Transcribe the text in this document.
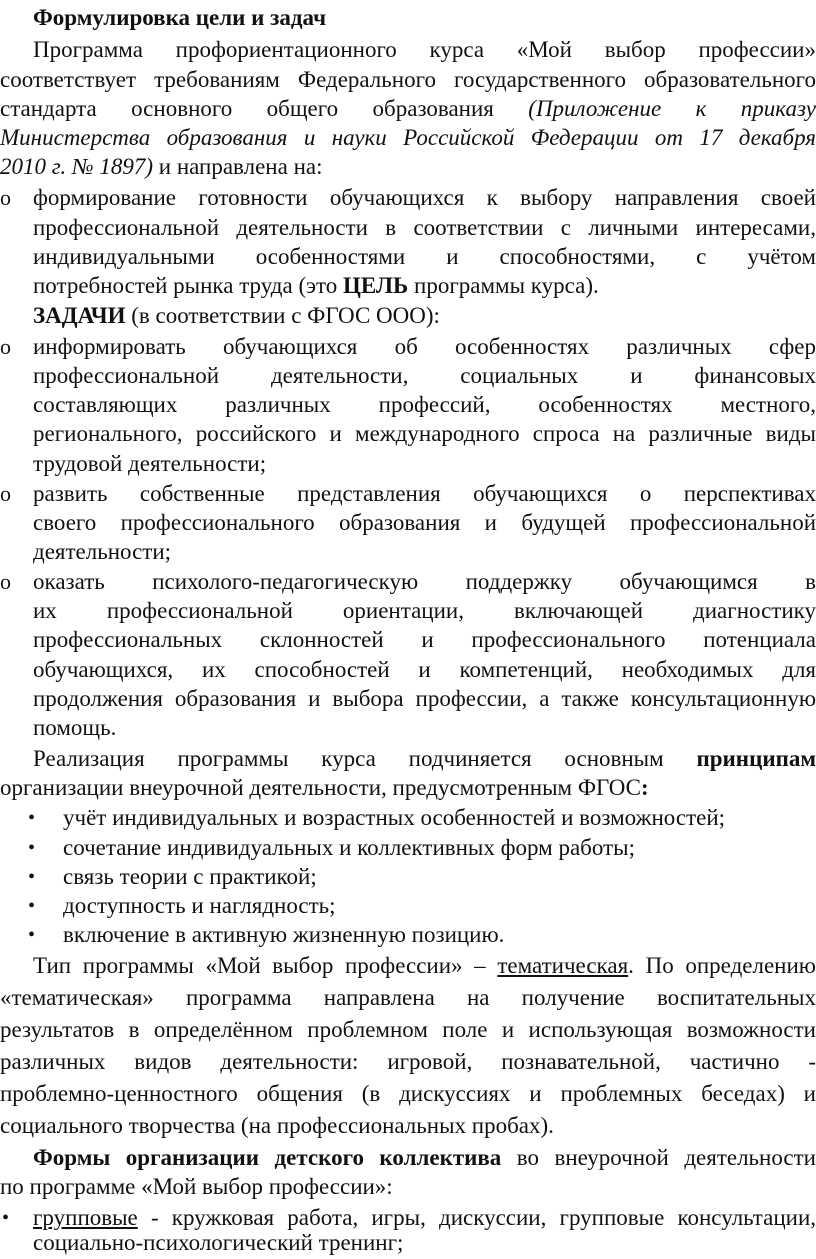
Формулировка цели и задач
Программа профориентационного курса «Мой выбор профессии»
соответствует требованиям Федерального государственного образовательного
стандарта основного общего образования (Приложение к приказу
Министерства образования и науки Российской Федерации от 17 декабря
2010 г. № 1897) и направлена на:
o формирование готовности обучающихся к выбору направления своей
профессиональной деятельности в соответствии с личными интересами,
индивидуальными особенностями и способностями, с учётом
потребностей рынка труда (это ЦЕЛЬ программы курса).
ЗАДАЧИ (в соответствии с ФГОС ООО):
o информировать обучающихся об особенностях различных сфер
профессиональной деятельности, социальных и финансовых
составляющих различных профессий, особенностях местного,
регионального, российского и международного спроса на различные виды
трудовой деятельности;
o развить собственные представления обучающихся о перспективах
своего профессионального образования и будущей профессиональной
деятельности;
o оказать психолого-педагогическую поддержку обучающимся в
их профессиональной ориентации, включающей диагностику
профессиональных склонностей и профессионального потенциала
обучающихся, их способностей и компетенций, необходимых для
продолжения образования и выбора профессии, а также консультационную
помощь.
Реализация программы курса подчиняется основным принципам
организации внеурочной деятельности, предусмотренным ФГОС:
•	учёт индивидуальных и возрастных особенностей и возможностей;
•	сочетание индивидуальных и коллективных форм работы;
•	связь теории с практикой;
•	доступность и наглядность;
•	включение в активную жизненную позицию.
Тип программы «Мой выбор профессии» – тематическая. По определению
«тематическая» программа направлена на получение воспитательных
результатов в определённом проблемном поле и использующая возможности
различных видов деятельности: игровой, познавательной, частично -
проблемно-ценностного общения (в дискуссиях и проблемных беседах) и
социального творчества (на профессиональных пробах).
Формы организации детского коллектива во внеурочной деятельности
по программе «Мой выбор профессии»:
•	групповые - кружковая работа, игры, дискуссии, групповые консультации,
социально-психологический тренинг;
